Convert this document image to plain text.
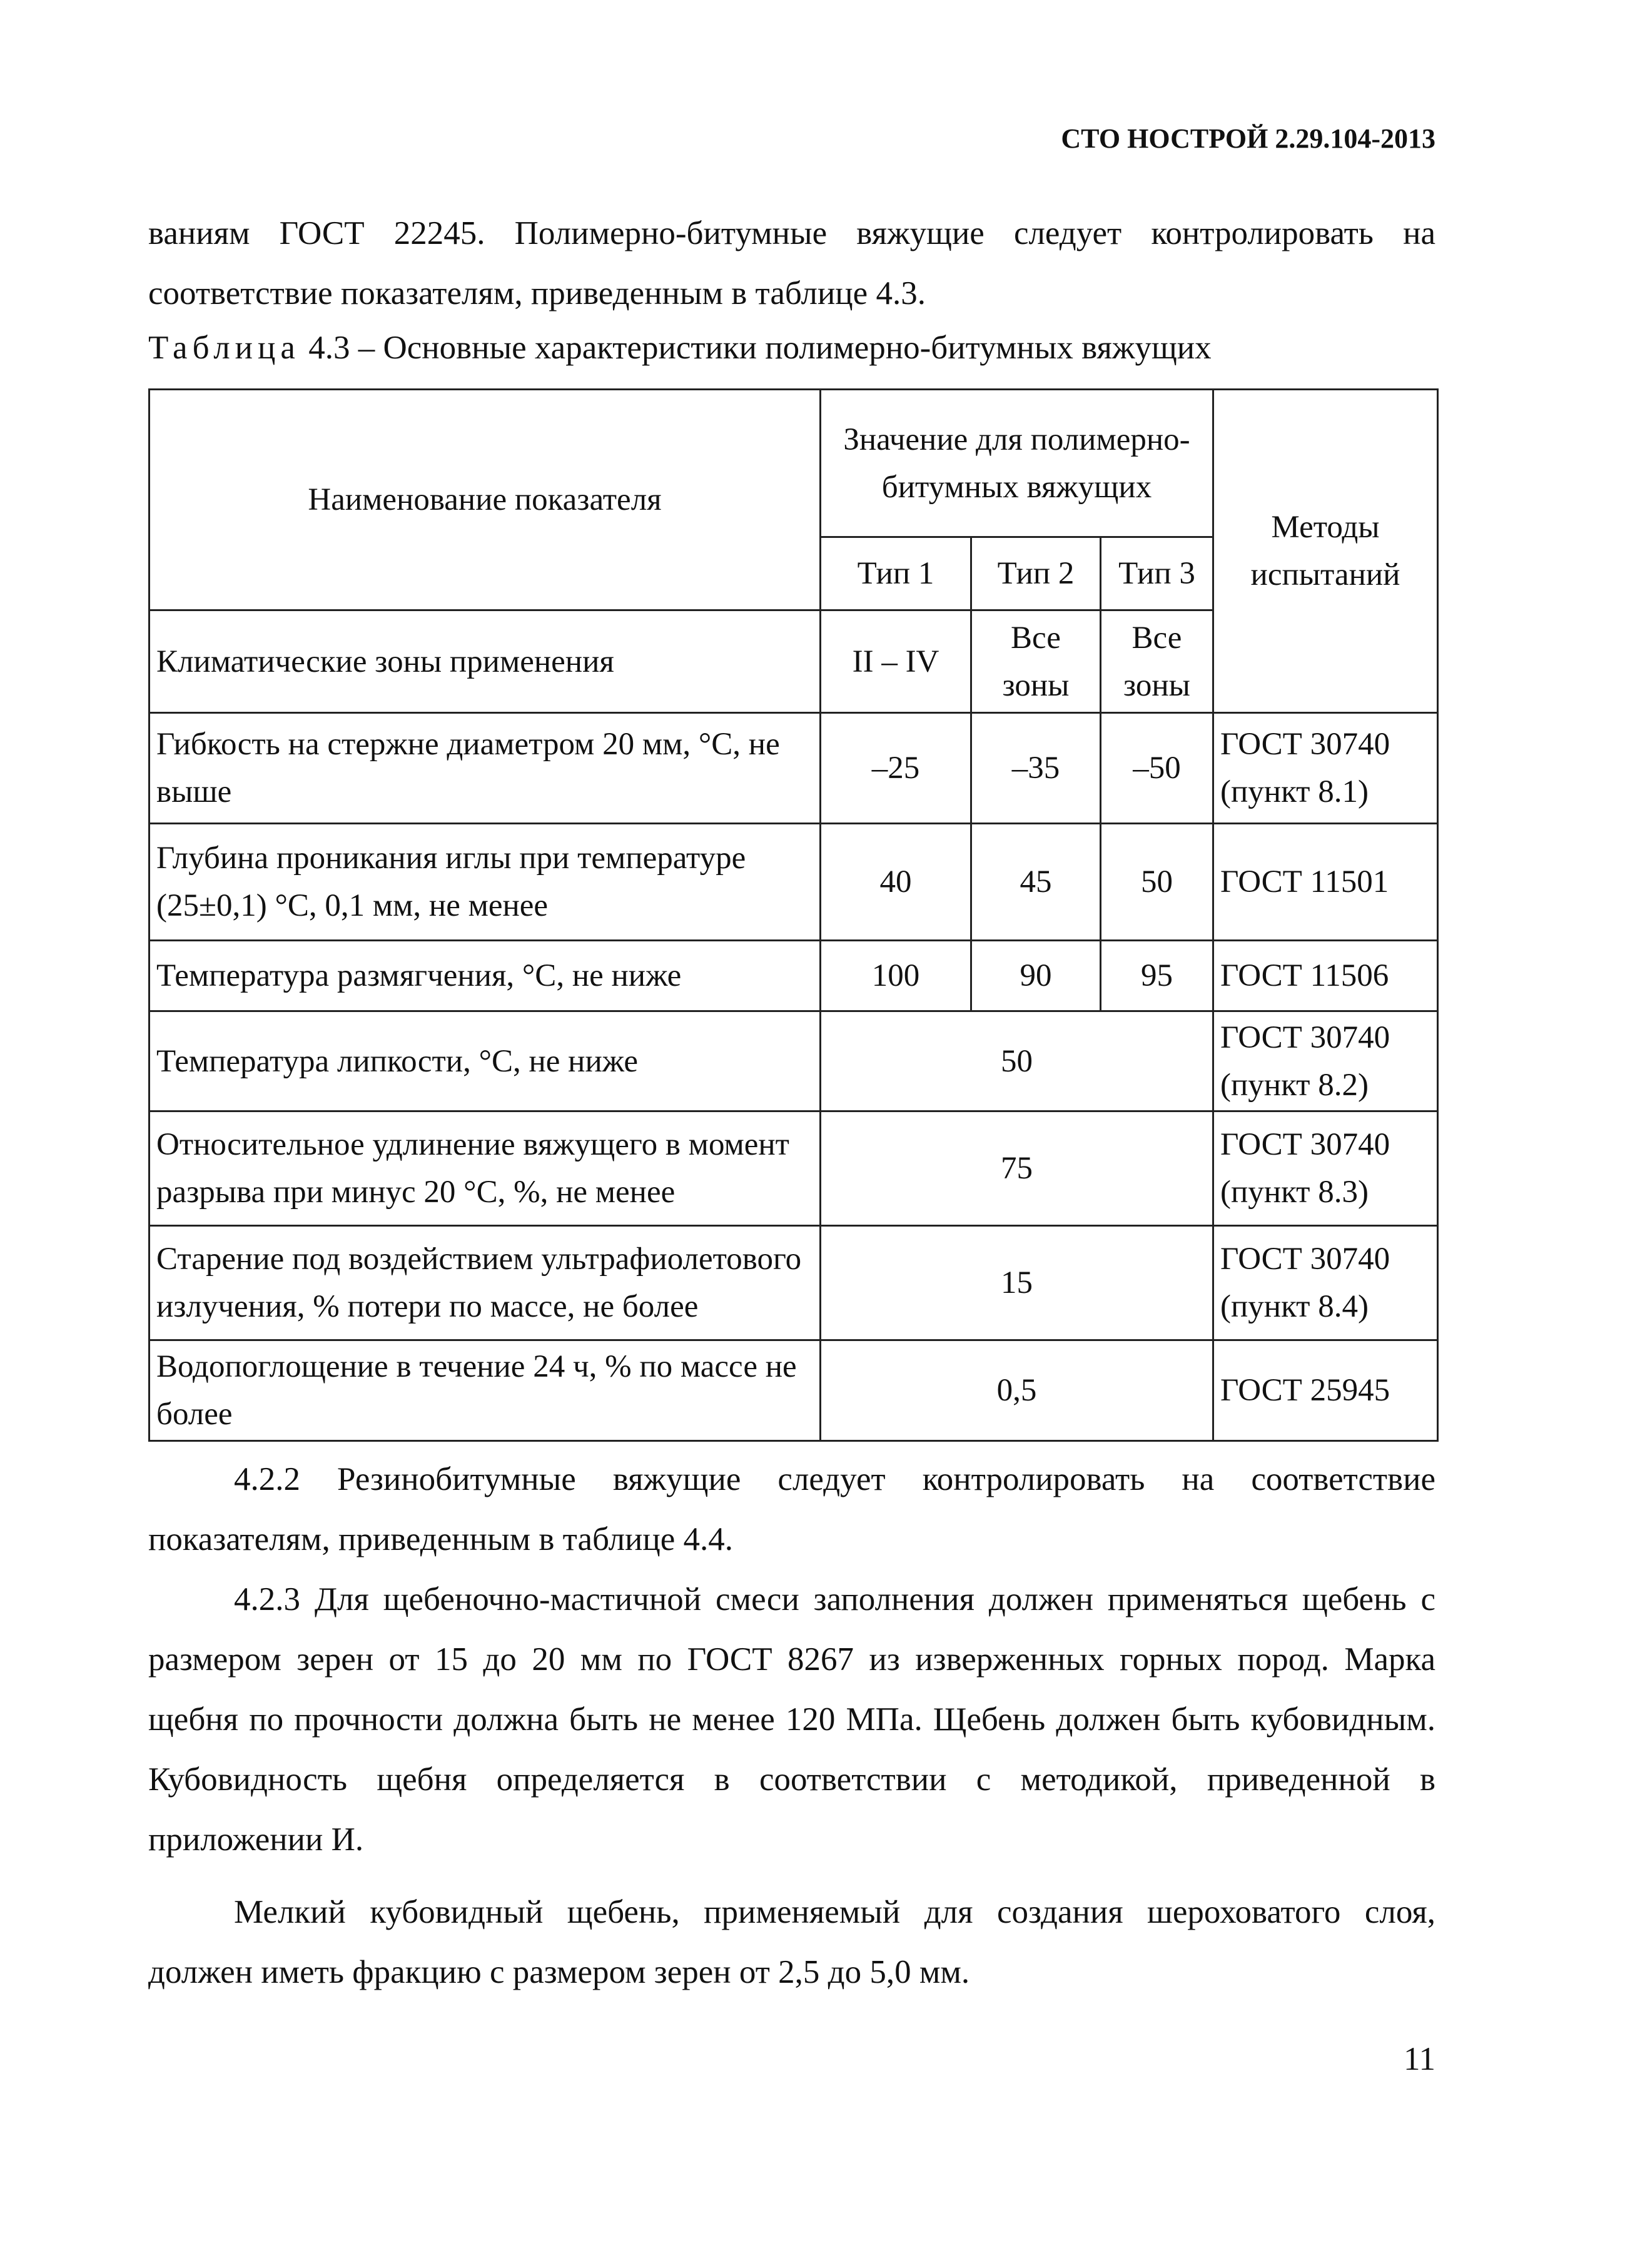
СТО НОСТРОЙ 2.29.104-2013
ваниям ГОСТ 22245. Полимерно-битумные вяжущие следует контролировать на соответствие показателям, приведенным в таблице 4.3.
Таблица 4.3 – Основные характеристики полимерно-битумных вяжущих
Наименование показателя	Значение для полимерно-битумных вяжущих			Методы испытаний
	Тип 1	Тип 2	Тип 3	
Климатические зоны применения	II – IV	Все зоны	Все зоны	
Гибкость на стержне диаметром 20 мм, °С, не выше	–25	–35	–50	ГОСТ 30740 (пункт 8.1)
Глубина проникания иглы при температуре (25±0,1) °С, 0,1 мм, не менее	40	45	50	ГОСТ 11501
Температура размягчения, °С, не ниже	100	90	95	ГОСТ 11506
Температура липкости, °С, не ниже	50			ГОСТ 30740 (пункт 8.2)
Относительное удлинение вяжущего в момент разрыва при минус 20 °С, %, не менее	75			ГОСТ 30740 (пункт 8.3)
Старение под воздействием ультрафиолетового излучения, % потери по массе, не более	15			ГОСТ 30740 (пункт 8.4)
Водопоглощение в течение 24 ч, % по массе не более	0,5			ГОСТ 25945

4.2.2 Резинобитумные вяжущие следует контролировать на соответствие показателям, приведенным в таблице 4.4.

4.2.3 Для щебеночно-мастичной смеси заполнения должен применяться щебень с размером зерен от 15 до 20 мм по ГОСТ 8267 из изверженных горных пород. Марка щебня по прочности должна быть не менее 120 МПа. Щебень должен быть кубовидным. Кубовидность щебня определяется в соответствии с методикой, приведенной в приложении И.

Мелкий кубовидный щебень, применяемый для создания шероховатого слоя, должен иметь фракцию с размером зерен от 2,5 до 5,0 мм.

11
